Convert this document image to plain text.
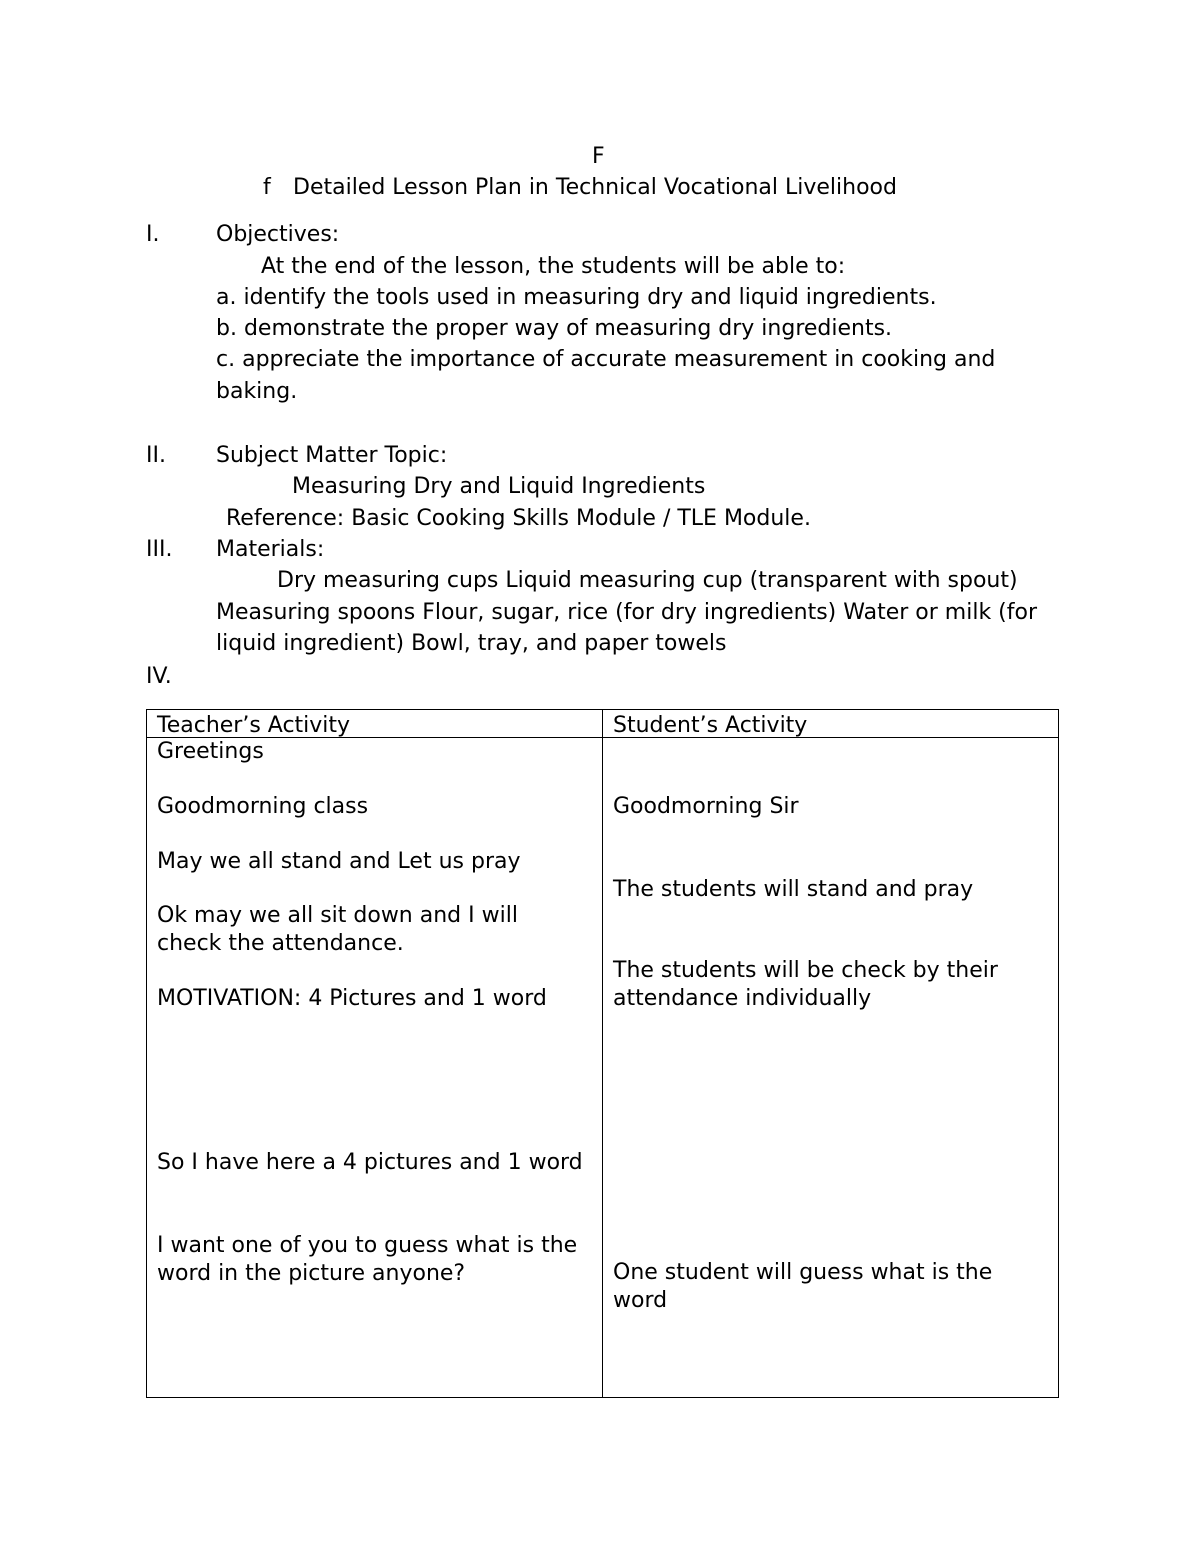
F
f Detailed Lesson Plan in Technical Vocational Livelihood
I.	Objectives:
At the end of the lesson, the students will be able to:
a. identify the tools used in measuring dry and liquid ingredients.
b. demonstrate the proper way of measuring dry ingredients.
c. appreciate the importance of accurate measurement in cooking and baking.
II. Subject Matter Topic:
Measuring Dry and Liquid Ingredients
Reference: Basic Cooking Skills Module / TLE Module.
III. Materials:
Dry measuring cups Liquid measuring cup (transparent with spout) Measuring spoons Flour, sugar, rice (for dry ingredients) Water or milk (for liquid ingredient) Bowl, tray, and paper towels
IV.
Teacher’s Activity	Student’s Activity
Greetings
Goodmorning class
May we all stand and Let us pray
Ok may we all sit down and I will check the attendance.
MOTIVATION: 4 Pictures and 1 word
So I have here a 4 pictures and 1 word
I want one of you to guess what is the word in the picture anyone?
Goodmorning Sir
The students will stand and pray
The students will be check by their attendance individually
One student will guess what is the word
